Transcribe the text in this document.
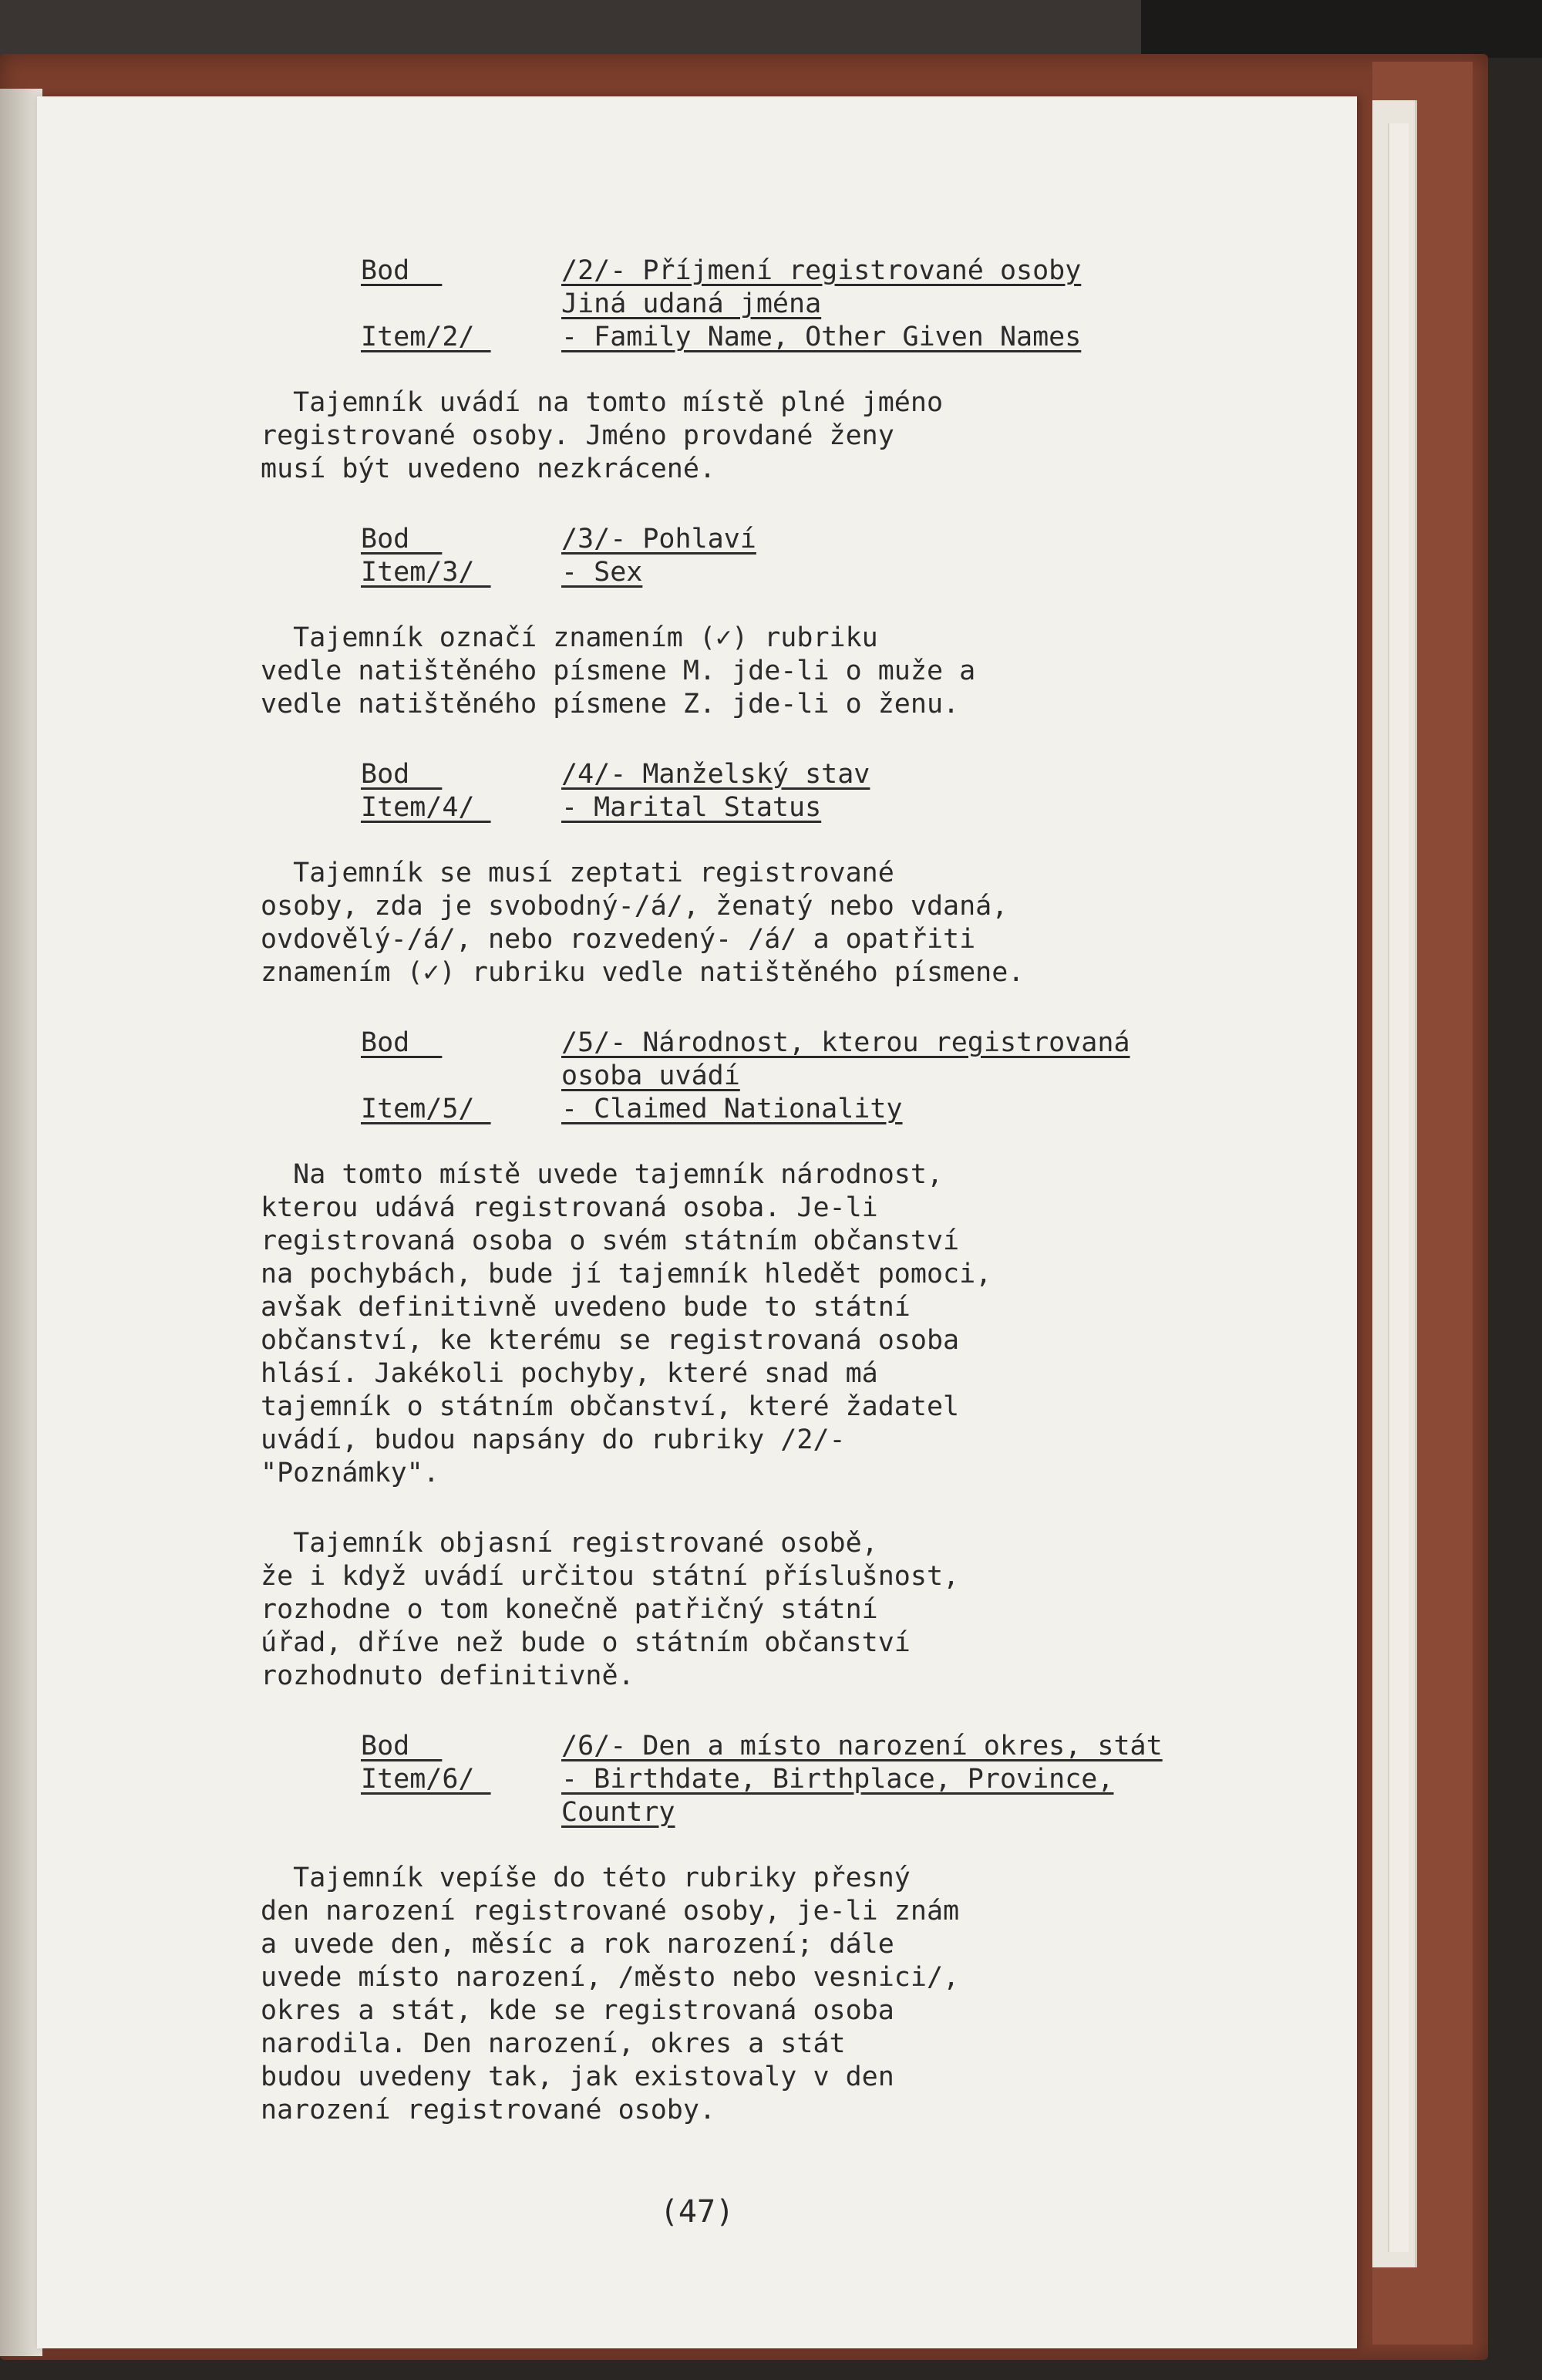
Bod	/2/- Příjmení registrované osoby
Jiná udaná jména
Item/2/	- Family Name, Other Given Names

Tajemník uvádí na tomto místě plné jméno
registrované osoby. Jméno provdané ženy
musí být uvedeno nezkrácené.

Bod	/3/- Pohlaví
Item/3/	- Sex

Tajemník označí znamením (✓) rubriku
vedle natištěného písmene M. jde-li o muže a
vedle natištěného písmene Z. jde-li o ženu.

Bod	/4/- Manželský stav
Item/4/	- Marital Status

Tajemník se musí zeptati registrované
osoby, zda je svobodný-/á/, ženatý nebo vdaná,
ovdovělý-/á/, nebo rozvedený- /á/ a opatřiti
znamením (✓) rubriku vedle natištěného písmene.

Bod	/5/- Národnost, kterou registrovaná
osoba uvádí
Item/5/	- Claimed Nationality

Na tomto místě uvede tajemník národnost,
kterou udává registrovaná osoba. Je-li
registrovaná osoba o svém státním občanství
na pochybách, bude jí tajemník hledět pomoci,
avšak definitivně uvedeno bude to státní
občanství, ke kterému se registrovaná osoba
hlásí. Jakékoli pochyby, které snad má
tajemník o státním občanství, které žadatel
uvádí, budou napsány do rubriky /2/-
"Poznámky".

Tajemník objasní registrované osobě,
že i když uvádí určitou státní příslušnost,
rozhodne o tom konečně patřičný státní
úřad, dříve než bude o státním občanství
rozhodnuto definitivně.

Bod	/6/- Den a místo narození okres, stát
Item/6/	- Birthdate, Birthplace, Province,
Country

Tajemník vepíše do této rubriky přesný
den narození registrované osoby, je-li znám
a uvede den, měsíc a rok narození; dále
uvede místo narození, /město nebo vesnici/,
okres a stát, kde se registrovaná osoba
narodila. Den narození, okres a stát
budou uvedeny tak, jak existovaly v den
narození registrované osoby.

(47)
